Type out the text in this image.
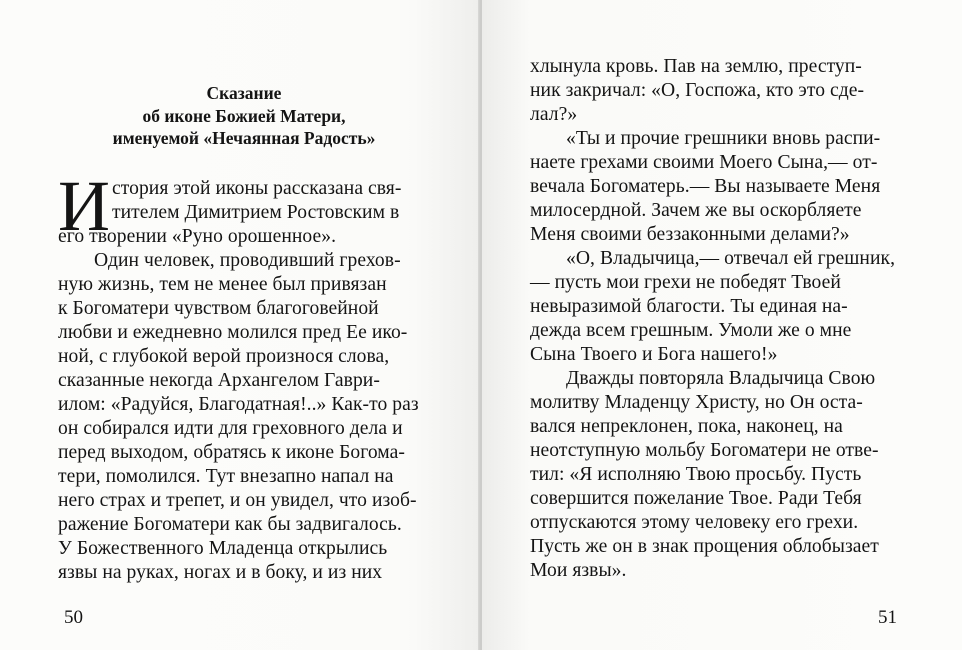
Сказание
об иконе Божией Матери,
именуемой «Нечаянная Радость»
И стория этой иконы рассказана свя-
тителем Димитрием Ростовским в
его творении «Руно орошенное».
Один человек, проводивший грехов-
ную жизнь, тем не менее был привязан
к Богоматери чувством благоговейной
любви и ежедневно молился пред Ее ико-
ной, с глубокой верой произнося слова,
сказанные некогда Архангелом Гаври-
илом: «Радуйся, Благодатная!..» Как-то раз
он собирался идти для греховного дела и
перед выходом, обратясь к иконе Богома-
тери, помолился. Тут внезапно напал на
него страх и трепет, и он увидел, что изоб-
ражение Богоматери как бы задвигалось.
У Божественного Младенца открылись
язвы на руках, ногах и в боку, и из них
50
хлынула кровь. Пав на землю, преступ-
ник закричал: «О, Госпожа, кто это сде-
лал?»
«Ты и прочие грешники вновь распи-
наете грехами своими Моего Сына,— от-
вечала Богоматерь.— Вы называете Меня
милосердной. Зачем же вы оскорбляете
Меня своими беззаконными делами?»
«О, Владычица,— отвечал ей грешник,— пусть мои грехи не победят Твоей
невыразимой благости. Ты единая на-
дежда всем грешным. Умоли же о мне
Сына Твоего и Бога нашего!»
Дважды повторяла Владычица Свою
молитву Младенцу Христу, но Он оста-
вался непреклонен, пока, наконец, на
неотступную мольбу Богоматери не отве-
тил: «Я исполняю Твою просьбу. Пусть
совершится пожелание Твое. Ради Тебя
отпускаются этому человеку его грехи.
Пусть же он в знак прощения облобызает
Мои язвы».
51
